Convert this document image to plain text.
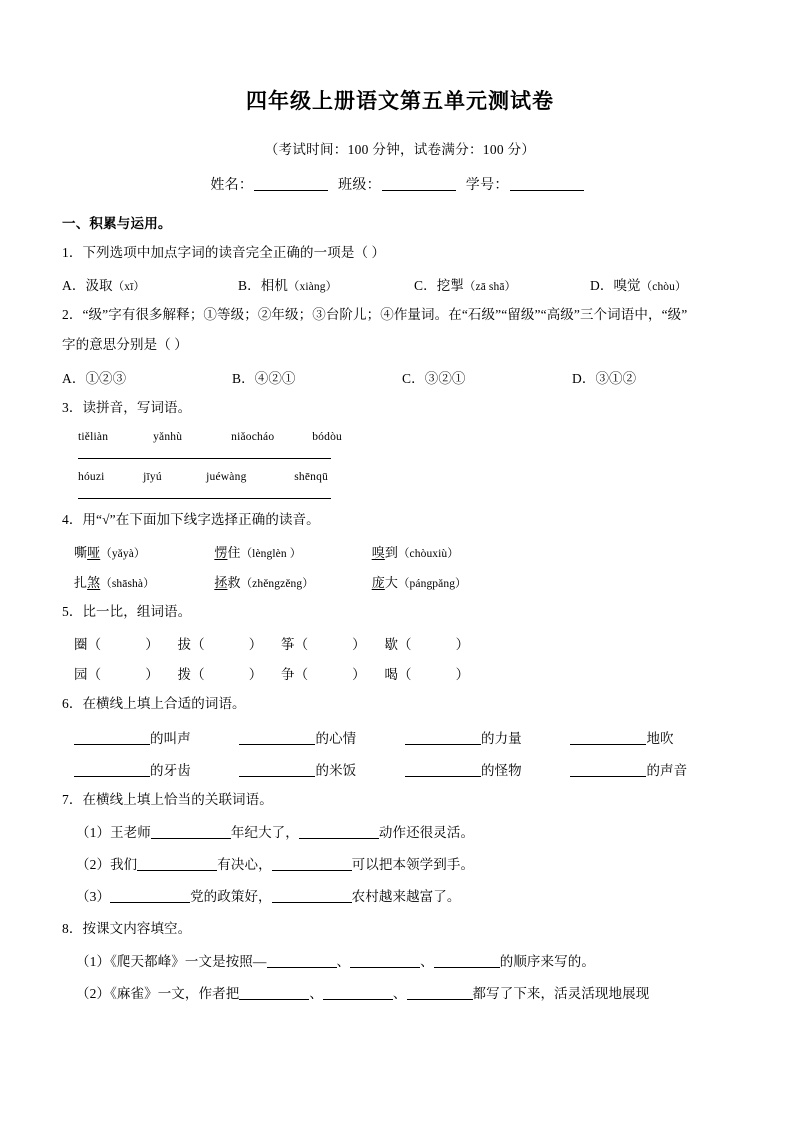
四年级上册语文第五单元测试卷
（考试时间：100 分钟，试卷满分：100 分）
姓名：	班级：	学号：
一、积累与运用。
1．下列选项中加点字词的读音完全正确的一项是（ ）
A．汲取（xī）	B．相机（xiàng）	C．挖掣（zā shā）	D．嗅觉（chòu）
2．“级”字有很多解释；①等级；②年级；③台阶儿；④作量词。在“石级”“留级”“高级”三个词语中，“级”
字的意思分别是（ ）
A．①②③	B．④②①	C．③②①	D．③①②
3．读拼音，写词语。
tiěliàn	yǎnhù	niǎocháo	bódòu
hóuzi	jīyú	juéwàng	shēnqū
4．用“√”在下面加下线字选择正确的读音。
嘶哑（yǎyà）	愣住（lènglèn ）	嗅到（chòuxiù）
扎煞（shāshà）	拯救（zhěngzěng）	庞大（pángpǎng）
5．比一比，组词语。
圈（	） 拔（	） 筝（	） 歇（	）
园（	） 拨（	） 争（	） 喝（	）
6．在横线上填上合适的词语。
的叫声	的心情	的力量	地吹
的牙齿	的米饭	的怪物	的声音
7．在横线上填上恰当的关联词语。
（1）王老师	年纪大了，	动作还很灵活。
（2）我们	有决心，	可以把本领学到手。
（3）	党的政策好，	农村越来越富了。
8．按课文内容填空。
（1）《爬天都峰》一文是按照—	、	、	的顺序来写的。
（2）《麻雀》一文，作者把	、	、	都写了下来，活灵活现地展现
